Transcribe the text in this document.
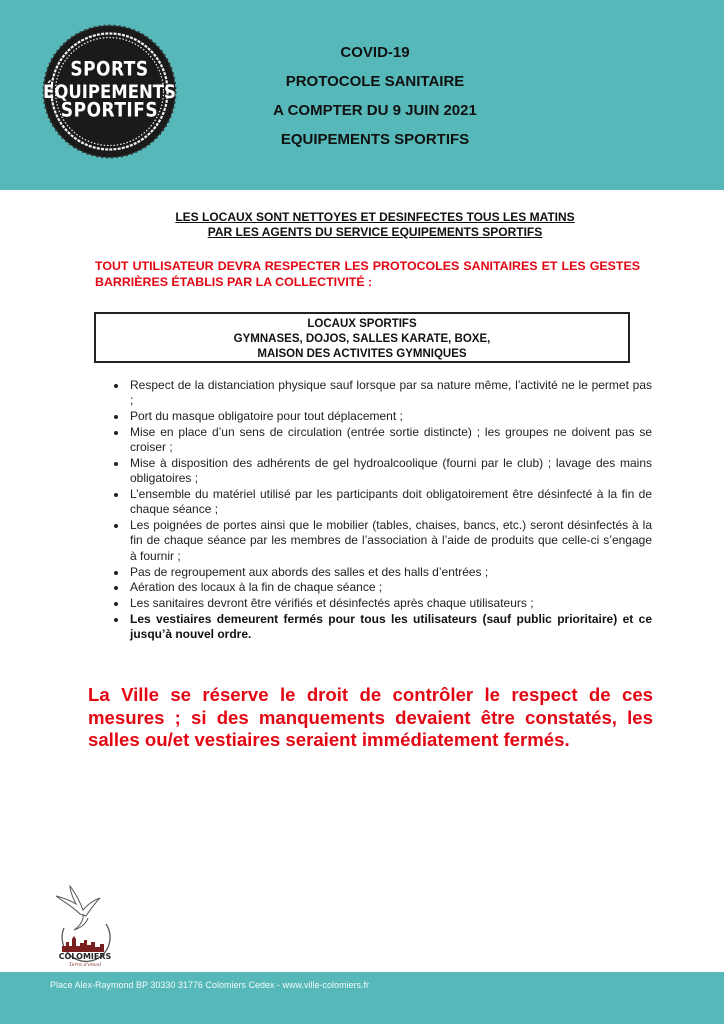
SPORTS
ÉQUIPEMENTS
SPORTIFS
COVID-19
PROTOCOLE SANITAIRE
A COMPTER DU 9 JUIN 2021
EQUIPEMENTS SPORTIFS
LES LOCAUX SONT NETTOYES ET DESINFECTES TOUS LES MATINS
PAR LES AGENTS DU SERVICE EQUIPEMENTS SPORTIFS
TOUT UTILISATEUR DEVRA RESPECTER LES PROTOCOLES SANITAIRES ET LES GESTES BARRIÈRES ÉTABLIS PAR LA COLLECTIVITÉ :
LOCAUX SPORTIFS
GYMNASES, DOJOS, SALLES KARATE, BOXE,
MAISON DES ACTIVITES GYMNIQUES
Respect de la distanciation physique sauf lorsque par sa nature même, l’activité ne le permet pas ;
Port du masque obligatoire pour tout déplacement ;
Mise en place d’un sens de circulation (entrée sortie distincte) ; les groupes ne doivent pas se croiser ;
Mise à disposition des adhérents de gel hydroalcoolique (fourni par le club) ; lavage des mains obligatoires ;
L’ensemble du matériel utilisé par les participants doit obligatoirement être désinfecté à la fin de chaque séance ;
Les poignées de portes ainsi que le mobilier (tables, chaises, bancs, etc.) seront désinfectés à la fin de chaque séance par les membres de l’association à l’aide de produits que celle-ci s’engage à fournir ;
Pas de regroupement aux abords des salles et des halls d’entrées ;
Aération des locaux à la fin de chaque séance ;
Les sanitaires devront être vérifiés et désinfectés après chaque utilisateurs ;
Les vestiaires demeurent fermés pour tous les utilisateurs (sauf public prioritaire) et ce jusqu’à nouvel ordre.
La Ville se réserve le droit de contrôler le respect de ces mesures ; si des manquements devaient être constatés, les salles ou/et vestiaires seraient immédiatement fermés.
COLOMIERS
Terre d'envol
Place Alex-Raymond BP 30330 31776 Colomiers Cedex - www.ville-colomiers.fr
